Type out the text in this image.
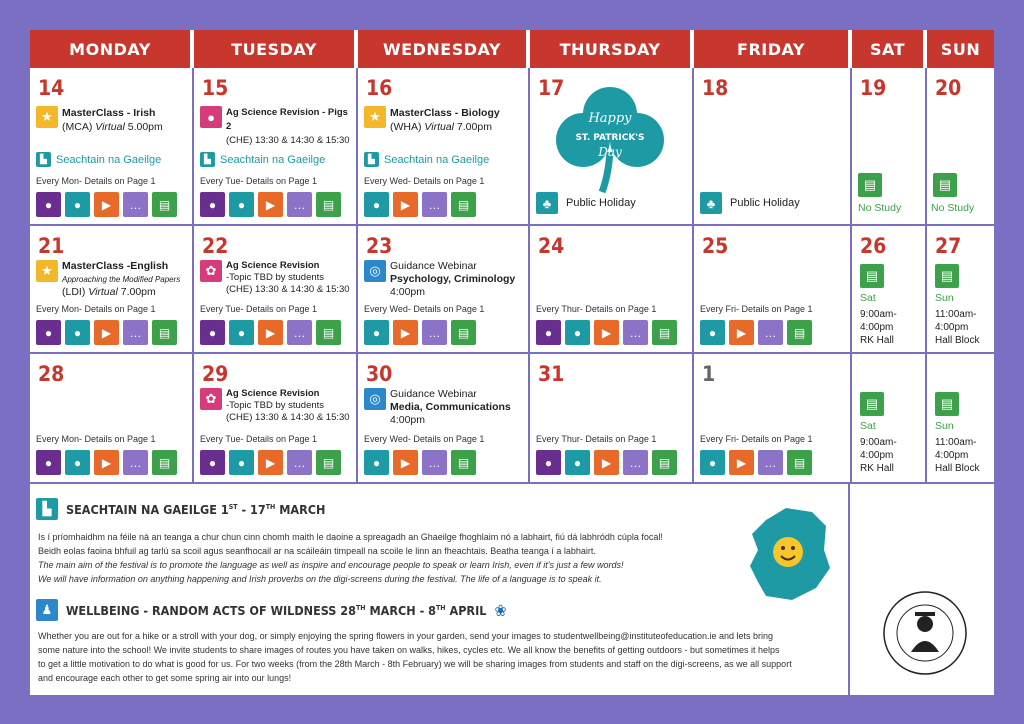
MONDAY	TUESDAY	WEDNESDAY	THURSDAY	FRIDAY	SAT	SUN
14
★ MasterClass - Irish
(MCA) Virtual 5.00pm
▙ Seachtain na Gaeilge
Every Mon- Details on Page 1
●	●	▶	…	▤
15
●	Ag Science Revision - Pigs 2
(CHE) 13:30 & 14:30 & 15:30
▙ Seachtain na Gaeilge
Every Tue- Details on Page 1
●	●	▶	…	▤
16
★ MasterClass - Biology
(WHA) Virtual 7.00pm
▙ Seachtain na Gaeilge
Every Wed- Details on Page 1
●	▶	…	▤
17
Happy
ST. PATRICK'S
Day
♣	Public Holiday
18
♣	Public Holiday
19
▤
No Study
20
▤
No Study
21
★ MasterClass -English
Approaching the Modified Papers
(LDI) Virtual 7.00pm
Every Mon- Details on Page 1
●	●	▶	…	▤
22
✿	Ag Science Revision
-Topic TBD by students
(CHE) 13:30 & 14:30 & 15:30
Every Tue- Details on Page 1
●	●	▶	…	▤
23
◎ Guidance Webinar
Psychology, Criminology
4:00pm
Every Wed- Details on Page 1
●	▶	…	▤
24
Every Thur- Details on Page 1
●	●	▶	…	▤
25
Every Fri- Details on Page 1
●	▶	…	▤
26
▤
Sat
9:00am-
4:00pm
RK Hall
27
▤
Sun
11:00am-
4:00pm
Hall Block
28
Every Mon- Details on Page 1
●	●	▶	…	▤
29
✿	Ag Science Revision
-Topic TBD by students
(CHE) 13:30 & 14:30 & 15:30
Every Tue- Details on Page 1
●	●	▶	…	▤
30
◎ Guidance Webinar
Media, Communications
4:00pm
Every Wed- Details on Page 1
●	▶	…	▤
31
Every Thur- Details on Page 1
●	●	▶	…	▤
1
Every Fri- Details on Page 1
●	▶	…	▤
▤
Sat
9:00am-
4:00pm
RK Hall
▤
Sun
11:00am-
4:00pm
Hall Block
▙	SEACHTAIN NA GAEILGE 1ST - 17TH MARCH
Is í príomhaidhm na féile ná an teanga a chur chun cinn chomh maith le daoine a spreagadh an Ghaeilge fhoghlaim nó a labhairt, fiú dá labhródh cúpla focal!
Beidh eolas faoina bhfuil ag tarlú sa scoil agus seanfhocail ar na scáileáin timpeall na scoile le linn an fheachtais. Beatha teanga í a labhairt.
The main aim of the festival is to promote the language as well as inspire and encourage people to speak or learn Irish, even if it's just a few words!
We will have information on anything happening and Irish proverbs on the digi-screens during the festival. The life of a language is to speak it.
♟	WELLBEING - RANDOM ACTS OF WILDNESS 28TH MARCH - 8TH APRIL ❀
Whether you are out for a hike or a stroll with your dog, or simply enjoying the spring flowers in your garden, send your images to studentwellbeing@instituteofeducation.ie and lets bring
some nature into the school! We invite students to share images of routes you have taken on walks, hikes, cycles etc. We all know the benefits of getting outdoors - but sometimes it helps
to get a little motivation to do what is good for us. For two weeks (from the 28th March - 8th February) we will be sharing images from students and staff on the digi-screens, as we all support
and encourage each other to get some spring air into our lungs!
